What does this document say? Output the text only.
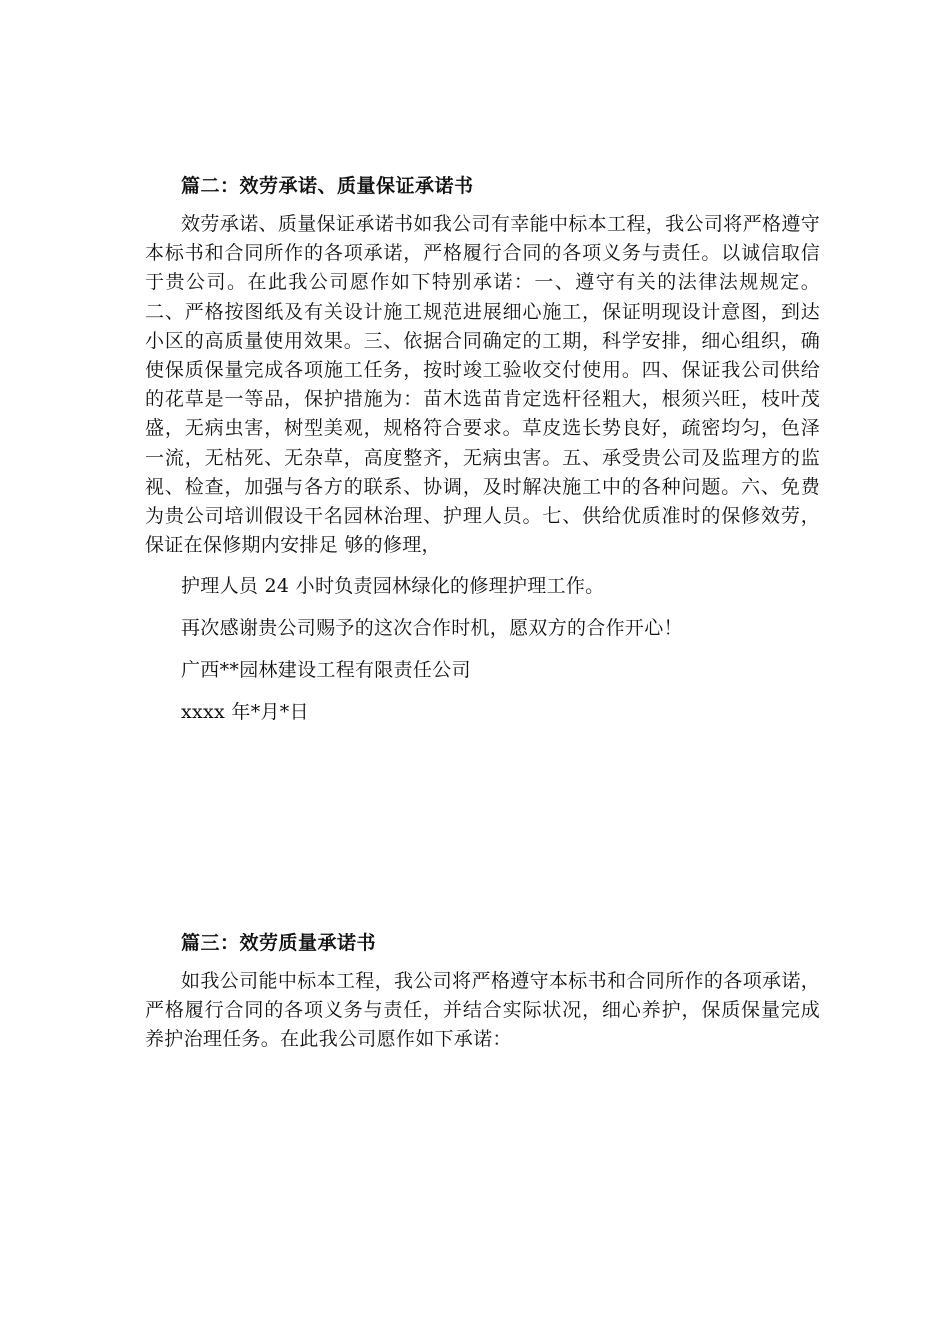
篇二：效劳承诺、质量保证承诺书

效劳承诺、质量保证承诺书如我公司有幸能中标本工程，我公司将严格遵守本标书和合同所作的各项承诺，严格履行合同的各项义务与责任。以诚信取信于贵公司。在此我公司愿作如下特别承诺：一、遵守有关的法律法规规定。二、严格按图纸及有关设计施工规范进展细心施工，保证明现设计意图，到达小区的高质量使用效果。三、依据合同确定的工期，科学安排，细心组织，确使保质保量完成各项施工任务，按时竣工验收交付使用。四、保证我公司供给的花草是一等品，保护措施为：苗木选苗肯定选杆径粗大，根须兴旺，枝叶茂盛，无病虫害，树型美观，规格符合要求。草皮选长势良好，疏密均匀，色泽一流，无枯死、无杂草，高度整齐，无病虫害。五、承受贵公司及监理方的监视、检查，加强与各方的联系、协调，及时解决施工中的各种问题。六、免费为贵公司培训假设干名园林治理、护理人员。七、供给优质准时的保修效劳，保证在保修期内安排足 够的修理，

护理人员 24 小时负责园林绿化的修理护理工作。

再次感谢贵公司赐予的这次合作时机，愿双方的合作开心！

广西**园林建设工程有限责任公司

xxxx 年*月*日

篇三：效劳质量承诺书

如我公司能中标本工程，我公司将严格遵守本标书和合同所作的各项承诺，严格履行合同的各项义务与责任，并结合实际状况，细心养护，保质保量完成养护治理任务。在此我公司愿作如下承诺：
